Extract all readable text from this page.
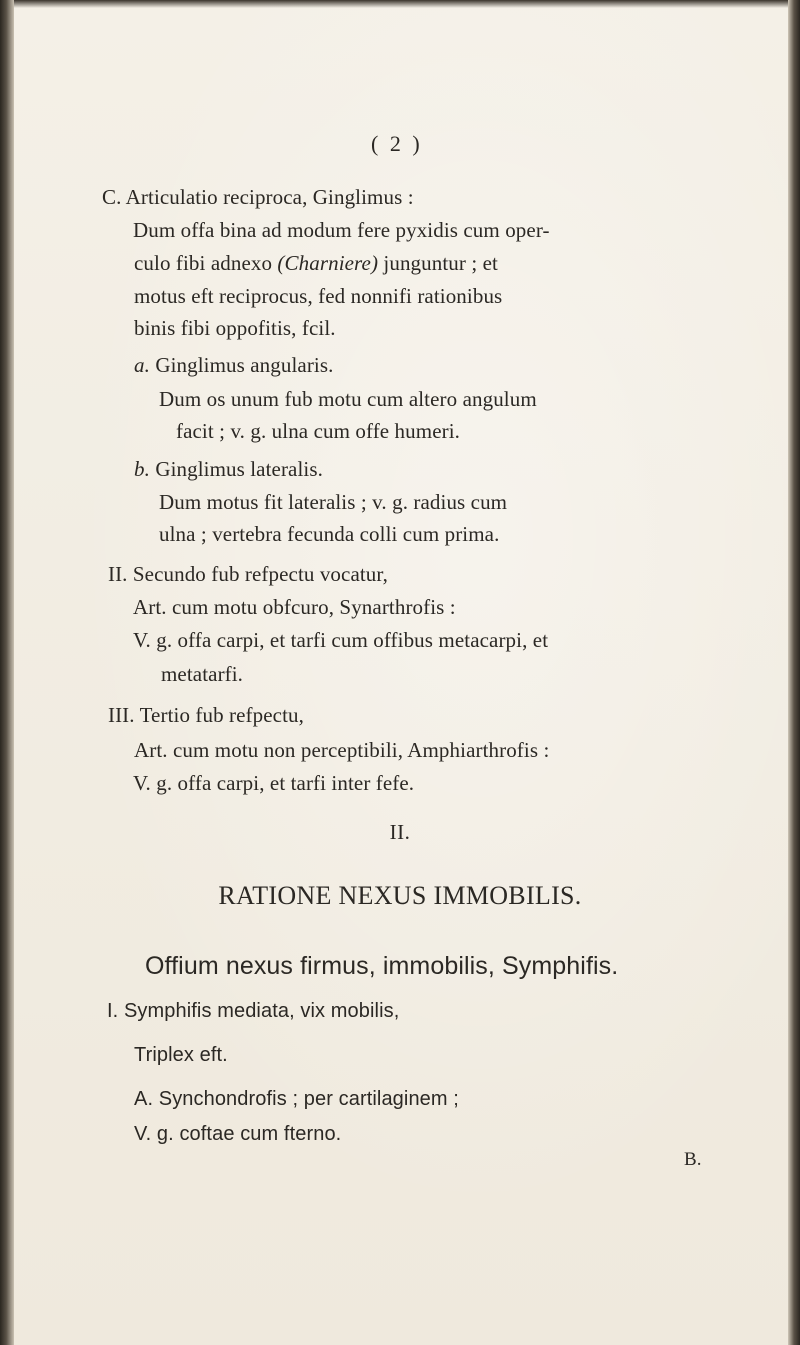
( 2 )
C. Articulatio reciproca, Ginglimus :
Dum offa bina ad modum fere pyxidis cum oper-
culo fibi adnexo (Charniere) junguntur ; et
motus eft reciprocus, fed nonnifi rationibus
binis fibi oppofitis, fcil.
a. Ginglimus angularis.
Dum os unum fub motu cum altero angulum
facit ; v. g. ulna cum offe humeri.
b. Ginglimus lateralis.
Dum motus fit lateralis ; v. g. radius cum
ulna ; vertebra fecunda colli cum prima.
II. Secundo fub refpectu vocatur,
Art. cum motu obfcuro, Synarthrofis :
V. g. offa carpi, et tarfi cum offibus metacarpi, et
metatarfi.
III. Tertio fub refpectu,
Art. cum motu non perceptibili, Amphiarthrofis :
V. g. offa carpi, et tarfi inter fefe.
II.
RATIONE NEXUS IMMOBILIS.
Offium nexus firmus, immobilis, Symphifis.
I. Symphifis mediata, vix mobilis,
Triplex eft.
A. Synchondrofis ; per cartilaginem ;
V. g. coftae cum fterno.
B.
